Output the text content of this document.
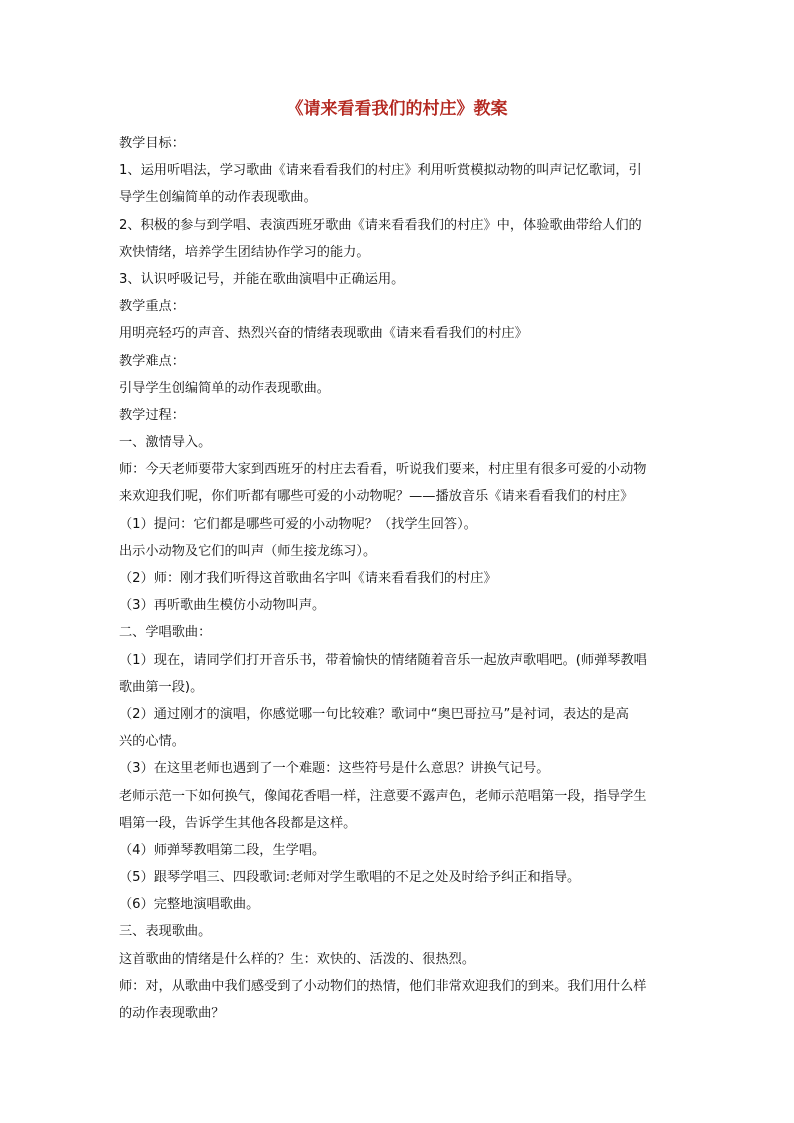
《请来看看我们的村庄》教案
教学目标：
1、运用听唱法，学习歌曲《请来看看我们的村庄》利用听赏模拟动物的叫声记忆歌词，引
导学生创编简单的动作表现歌曲。
2、积极的参与到学唱、表演西班牙歌曲《请来看看我们的村庄》中，体验歌曲带给人们的
欢快情绪，培养学生团结协作学习的能力。
3、认识呼吸记号，并能在歌曲演唱中正确运用。
教学重点：
用明亮轻巧的声音、热烈兴奋的情绪表现歌曲《请来看看我们的村庄》
教学难点：
引导学生创编简单的动作表现歌曲。
教学过程：
一、激情导入。
师：今天老师要带大家到西班牙的村庄去看看，听说我们要来，村庄里有很多可爱的小动物
来欢迎我们呢，你们听都有哪些可爱的小动物呢？——播放音乐《请来看看我们的村庄》
（1）提问：它们都是哪些可爱的小动物呢？（找学生回答）。
出示小动物及它们的叫声（师生接龙练习）。
（2）师：刚才我们听得这首歌曲名字叫《请来看看我们的村庄》
（3）再听歌曲生模仿小动物叫声。
二、学唱歌曲：
（1）现在，请同学们打开音乐书，带着愉快的情绪随着音乐一起放声歌唱吧。(师弹琴教唱
歌曲第一段)。
（2）通过刚才的演唱，你感觉哪一句比较难？歌词中“奥巴哥拉马”是衬词，表达的是高
兴的心情。
（3）在这里老师也遇到了一个难题：这些符号是什么意思？讲换气记号。
老师示范一下如何换气，像闻花香唱一样，注意要不露声色，老师示范唱第一段，指导学生
唱第一段，告诉学生其他各段都是这样。
（4）师弹琴教唱第二段，生学唱。
（5）跟琴学唱三、四段歌词:老师对学生歌唱的不足之处及时给予纠正和指导。
（6）完整地演唱歌曲。
三、表现歌曲。
这首歌曲的情绪是什么样的？生：欢快的、活泼的、很热烈。
师：对，从歌曲中我们感受到了小动物们的热情，他们非常欢迎我们的到来。我们用什么样
的动作表现歌曲？
